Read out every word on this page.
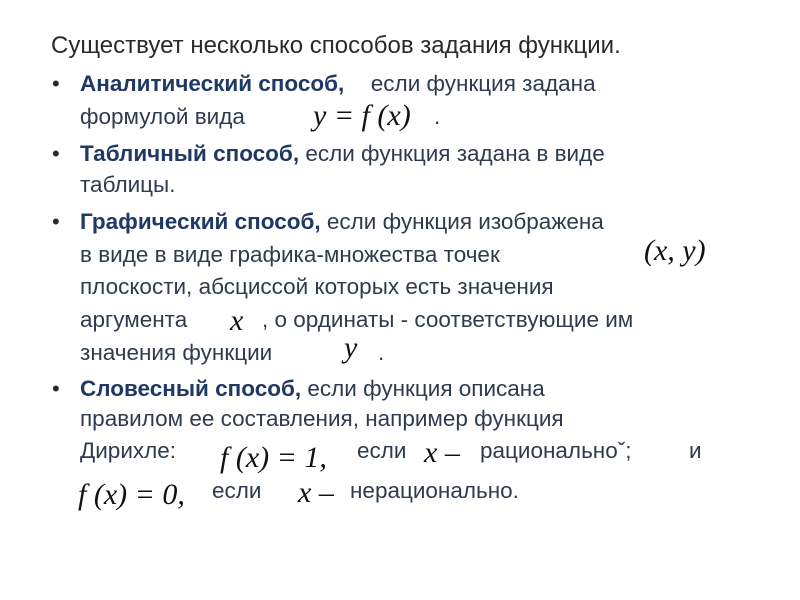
Существует несколько способов задания функции.
• Аналитический способ, если функция задана
формулой вида y = f (x) .
• Табличный способ, если функция задана в виде
таблицы.
• Графический способ, если функция изображена
в виде в виде графика-множества точек	(x, y)
плоскости, абсциссой которых есть значения
аргумента x , о ординаты - соответствующие им
значения функции y .
• Словесный способ, если функция описана
правилом ее составления, например функция
Дирихле: f (x) = 1, если x – рациональноˇ;	и
f (x) = 0, если x – нерационально.
